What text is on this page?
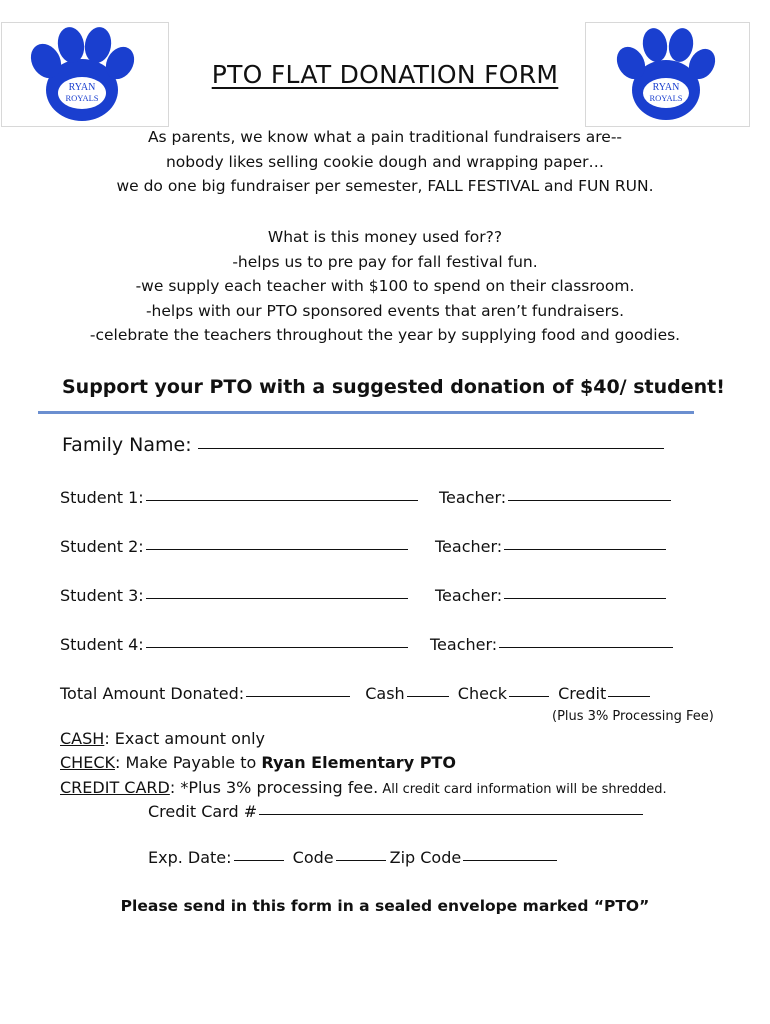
RYAN
ROYALS
RYAN
ROYALS
PTO FLAT DONATION FORM
As parents, we know what a pain traditional fundraisers are--
nobody likes selling cookie dough and wrapping paper…
we do one big fundraiser per semester, FALL FESTIVAL and FUN RUN.
What is this money used for??
-helps us to pre pay for fall festival fun.
-we supply each teacher with $100 to spend on their classroom.
-helps with our PTO sponsored events that aren’t fundraisers.
-celebrate the teachers throughout the year by supplying food and goodies.
Support your PTO with a suggested donation of $40/ student!
Family Name:
Student 1:	Teacher:
Student 2:	Teacher:
Student 3:	Teacher:
Student 4:	Teacher:
Total Amount Donated:	Cash	Check	Credit
(Plus 3% Processing Fee)
CASH: Exact amount only
CHECK: Make Payable to Ryan Elementary PTO
CREDIT CARD: *Plus 3% processing fee. All credit card information will be shredded.
Credit Card #
Exp. Date:	Code	Zip Code
Please send in this form in a sealed envelope marked “PTO”
